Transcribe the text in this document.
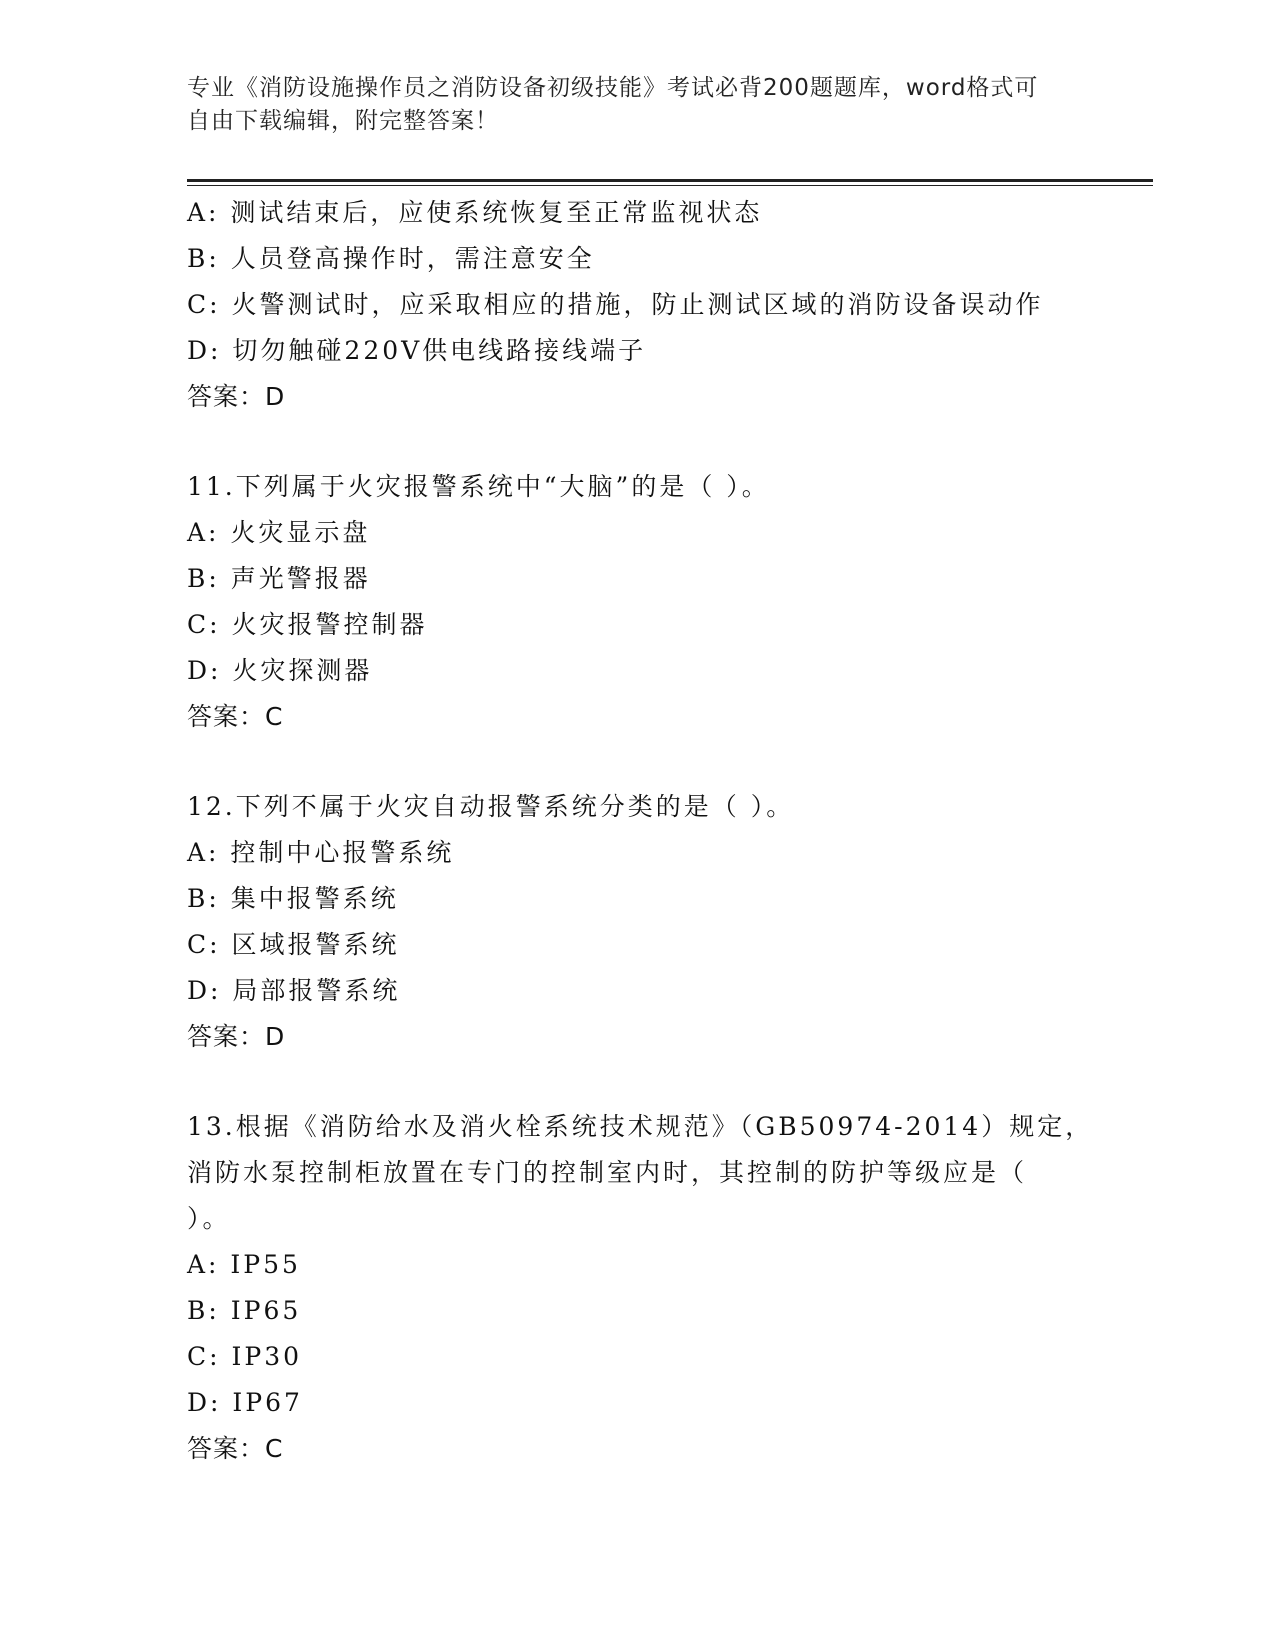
专业《消防设施操作员之消防设备初级技能》考试必背200题题库，word格式可
自由下载编辑，附完整答案！
A: 测试结束后，应使系统恢复至正常监视状态
B: 人员登高操作时，需注意安全
C: 火警测试时，应采取相应的措施，防止测试区域的消防设备误动作
D: 切勿触碰220V供电线路接线端子
答案：D
11.下列属于火灾报警系统中“大脑”的是（ ）。
A: 火灾显示盘
B: 声光警报器
C: 火灾报警控制器
D: 火灾探测器
答案：C
12.下列不属于火灾自动报警系统分类的是（ ）。
A: 控制中心报警系统
B: 集中报警系统
C: 区域报警系统
D: 局部报警系统
答案：D
13.根据《消防给水及消火栓系统技术规范》（GB50974-2014）规定，
消防水泵控制柜放置在专门的控制室内时，其控制的防护等级应是（
）。
A: IP55
B: IP65
C: IP30
D: IP67
答案：C
